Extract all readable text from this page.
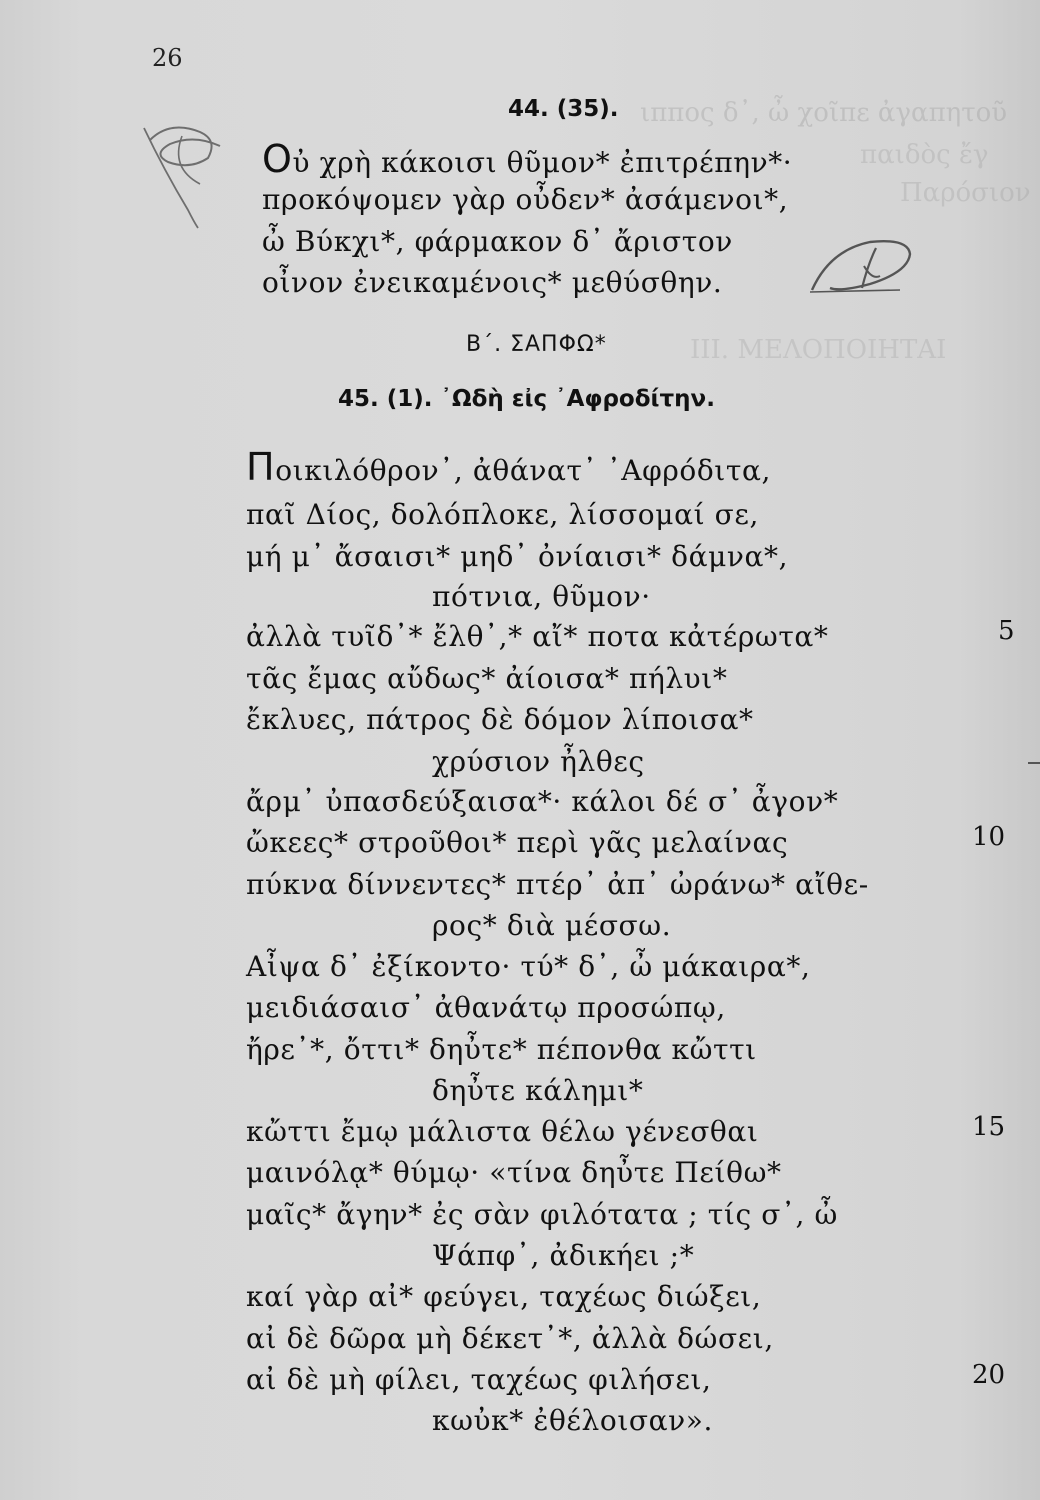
ιππος δ᾽, ὦ χοῖπε ἀγαπητοῦ
παιδὸς ἔγ
Παρόσιον
ΙΙΙ. ΜΕΛΟΠΟΙΗΤΑΙ
26
44. (35).
Οὐ χρὴ κάκοισι θῦμον* ἐπιτρέπην*·
προκόψομεν γὰρ οὖδεν* ἀσάμενοι*,
ὦ Βύκχι*, φάρμακον δ᾽ ἄριστον
οἶνον ἐνεικαμένοις* μεθύσθην.
Β΄. ΣΑΠΦΩ*
45. (1). ᾽Ωδὴ εἰς ᾽Αφροδίτην.
Ποικιλόθρον᾽, ἀθάνατ᾽ ᾽Αφρόδιτα,
παῖ Δίος, δολόπλοκε, λίσσομαί σε,
μή μ᾽ ἄσαισι* μηδ᾽ ὀνίαισι* δάμνα*,
πότνια, θῦμον·
ἀλλὰ τυῖδ᾽* ἔλθ᾽,* αἴ* ποτα κἀτέρωτα*
τᾶς ἔμας αὔδως* ἀίοισα* πήλυι*
ἔκλυες, πάτρος δὲ δόμον λίποισα*
χρύσιον ἦλθες
ἄρμ᾽ ὐπασδεύξαισα*· κάλοι δέ σ᾽ ἆγον*
ὤκεες* στροῦθοι* περὶ γᾶς μελαίνας
πύκνα δίννεντες* πτέρ᾽ ἀπ᾽ ὠράνω* αἴθε-
ρος* διὰ μέσσω.
Αἶψα δ᾽ ἐξίκοντο· τύ* δ᾽, ὦ μάκαιρα*,
μειδιάσαισ᾽ ἀθανάτῳ προσώπῳ,
ἤρε᾽*, ὄττι* δηὖτε* πέπονθα κὤττι
δηὖτε κάλημι*
κὤττι ἔμῳ μάλιστα θέλω γένεσθαι
μαινόλᾳ* θύμῳ· «τίνα δηὖτε Πείθω*
μαῖς* ἄγην* ἐς σὰν φιλότατα ; τίς σ᾽, ὦ
Ψάπφ᾽, ἀδικήει ;*
καί γὰρ αἰ* φεύγει, ταχέως διώξει,
αἰ δὲ δῶρα μὴ δέκετ᾽*, ἀλλὰ δώσει,
αἰ δὲ μὴ φίλει, ταχέως φιλήσει,
κωὐκ* ἐθέλοισαν».
5
10
15
20
